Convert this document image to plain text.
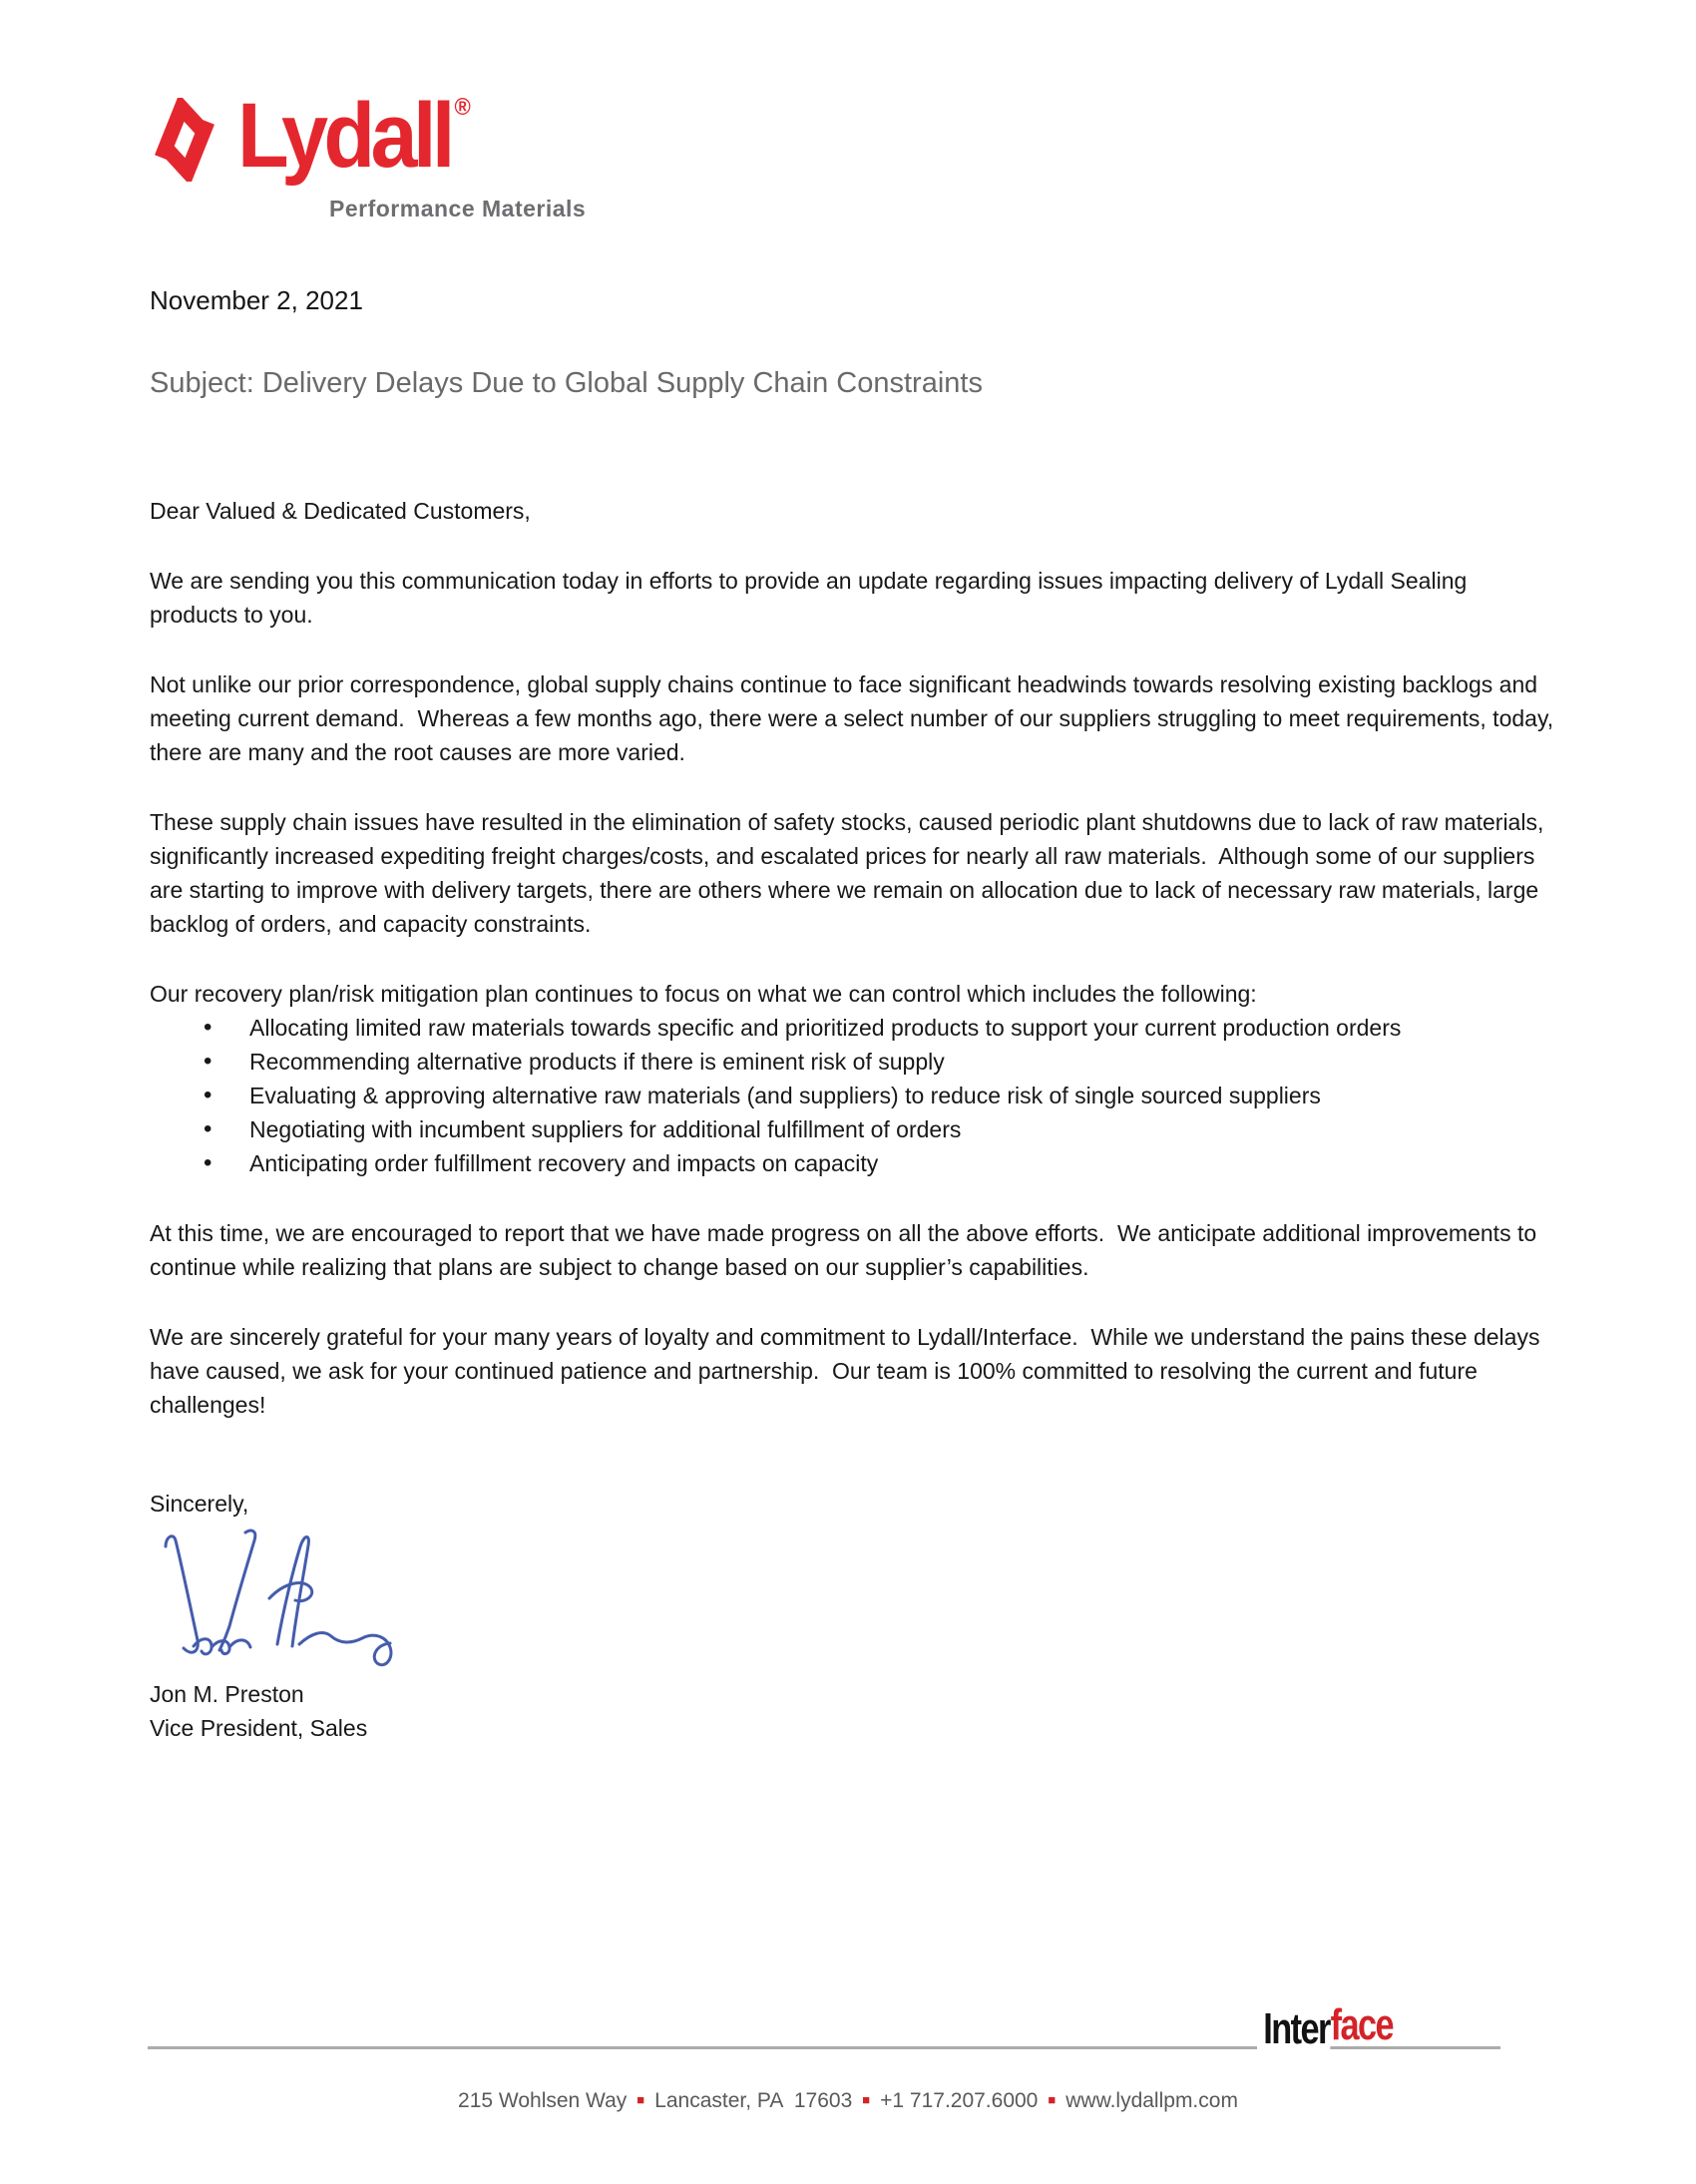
Lydall ®
Performance Materials
November 2, 2021
Subject: Delivery Delays Due to Global Supply Chain Constraints

Dear Valued & Dedicated Customers,

We are sending you this communication today in efforts to provide an update regarding issues impacting delivery of Lydall Sealing products to you.

Not unlike our prior correspondence, global supply chains continue to face significant headwinds towards resolving existing backlogs and meeting current demand.  Whereas a few months ago, there were a select number of our suppliers struggling to meet requirements, today, there are many and the root causes are more varied.

These supply chain issues have resulted in the elimination of safety stocks, caused periodic plant shutdowns due to lack of raw materials, significantly increased expediting freight charges/costs, and escalated prices for nearly all raw materials.  Although some of our suppliers are starting to improve with delivery targets, there are others where we remain on allocation due to lack of necessary raw materials, large backlog of orders, and capacity constraints.

Our recovery plan/risk mitigation plan continues to focus on what we can control which includes the following:

• Allocating limited raw materials towards specific and prioritized products to support your current production orders
• Recommending alternative products if there is eminent risk of supply
• Evaluating & approving alternative raw materials (and suppliers) to reduce risk of single sourced suppliers
• Negotiating with incumbent suppliers for additional fulfillment of orders
• Anticipating order fulfillment recovery and impacts on capacity

At this time, we are encouraged to report that we have made progress on all the above efforts.  We anticipate additional improvements to continue while realizing that plans are subject to change based on our supplier’s capabilities.

We are sincerely grateful for your many years of loyalty and commitment to Lydall/Interface.  While we understand the pains these delays have caused, we ask for your continued patience and partnership.  Our team is 100% committed to resolving the current and future challenges!

Sincerely,

Jon M. Preston

Vice President, Sales

Interface
215 Wohlsen Way ■ Lancaster, PA  17603 ■ +1 717.207.6000 ■ www.lydallpm.com
